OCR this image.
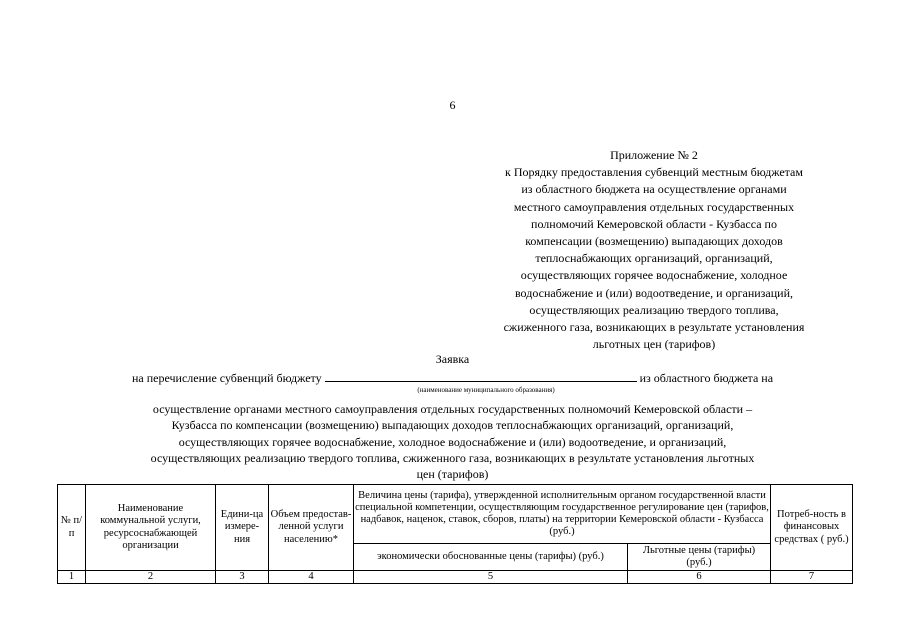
6
Приложение № 2
к Порядку предоставления субвенций местным бюджетам
из областного бюджета на осуществление органами
местного самоуправления отдельных государственных
полномочий Кемеровской области - Кузбасса по
компенсации (возмещению) выпадающих доходов
теплоснабжающих организаций, организаций,
осуществляющих горячее водоснабжение, холодное
водоснабжение и (или) водоотведение, и организаций,
осуществляющих реализацию твердого топлива,
сжиженного газа, возникающих в результате установления
льготных цен (тарифов)
Заявка
на перечисление субвенций бюджету	из областного бюджета на
(наименование муниципального образования)
осуществление органами местного самоуправления отдельных государственных полномочий Кемеровской области –
Кузбасса по компенсации (возмещению) выпадающих доходов теплоснабжающих организаций, организаций,
осуществляющих горячее водоснабжение, холодное водоснабжение и (или) водоотведение, и организаций,
осуществляющих реализацию твердого топлива, сжиженного газа, возникающих в результате установления льготных
цен (тарифов)
№ п/п	Наименование коммунальной услуги, ресурсоснабжающей организации	Едини-ца измере-ния	Объем предостав-ленной услуги населению*	Величина цены (тарифа), утвержденной исполнительным органом государственной власти специальной компетенции, осуществляющим государственное регулирование цен (тарифов, надбавок, наценок, ставок, сборов, платы) на территории Кемеровской области - Кузбасса (руб.)		Потреб-ность в финансовых средствах ( руб.)
				экономически обоснованные цены (тарифы) (руб.)	Льготные цены (тарифы) (руб.)	
1	2	3	4	5	6	7
